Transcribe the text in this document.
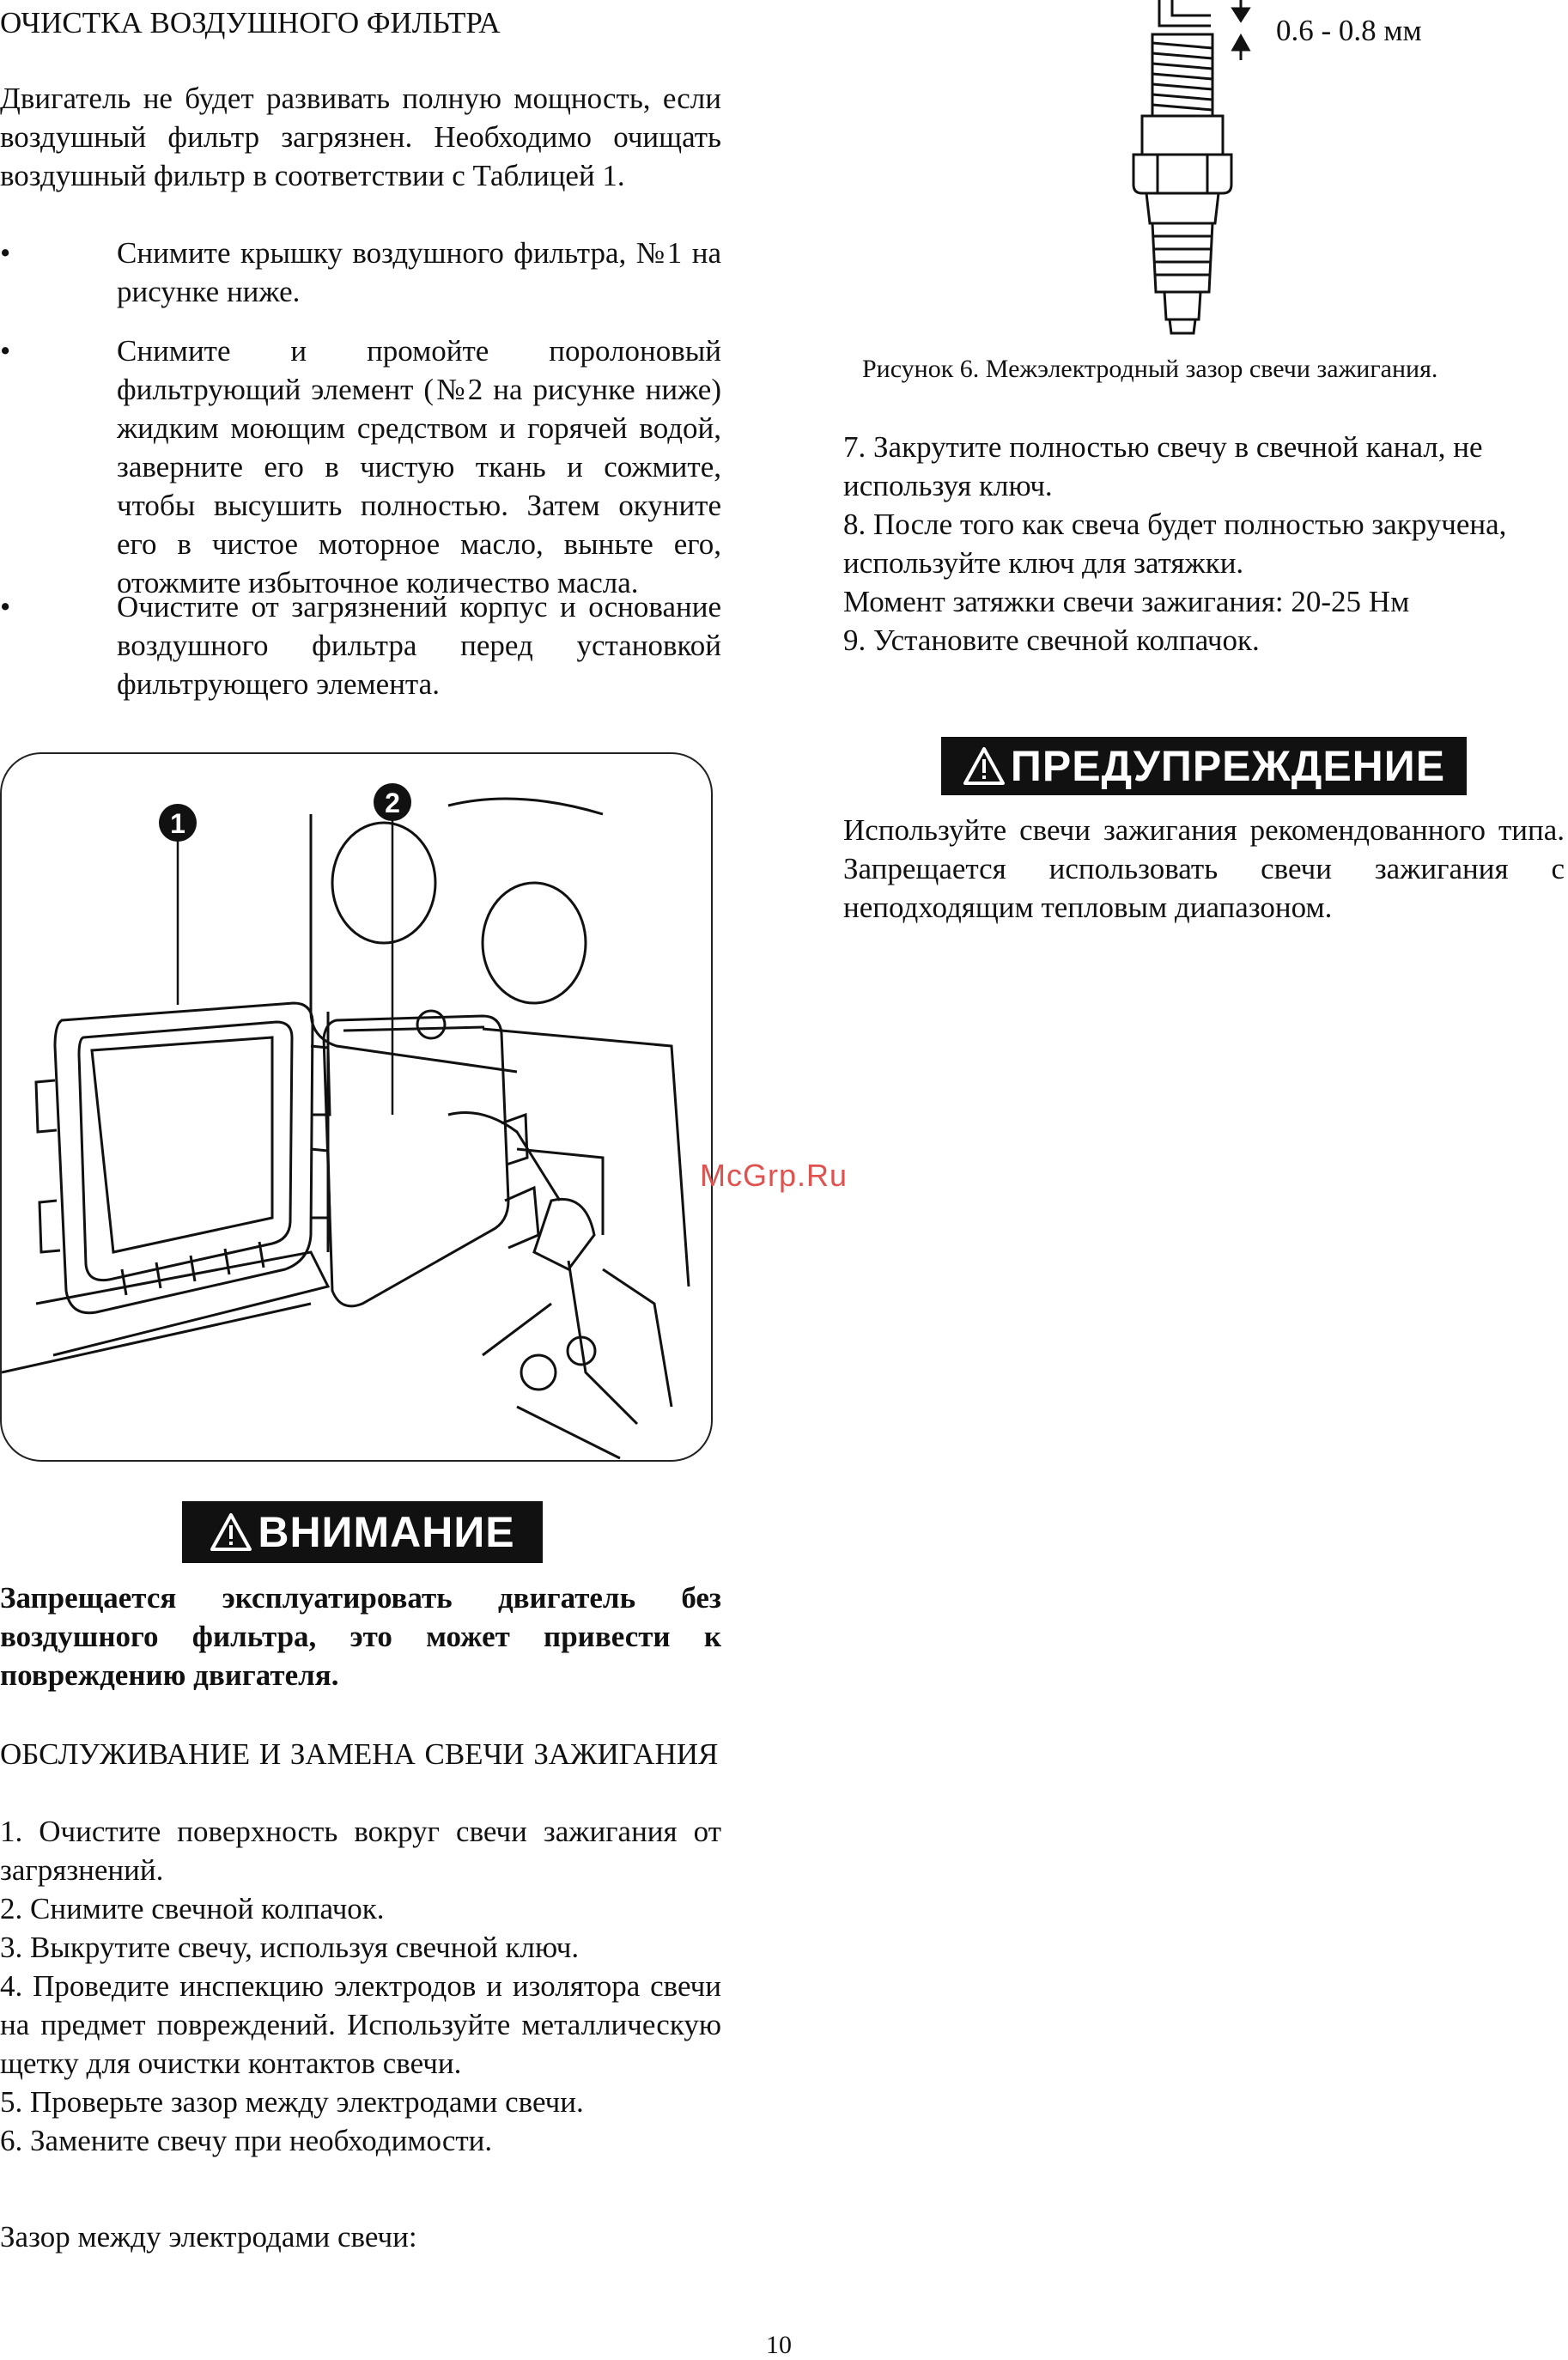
ОЧИСТКА ВОЗДУШНОГО ФИЛЬТРА

Двигатель не будет развивать полную мощность, если воздушный фильтр загрязнен. Необходимо очищать воздушный фильтр в соответствии с Таблицей 1.

•	Снимите крышку воздушного фильтра, №1 на рисунке ниже.
•	Снимите и промойте поролоновый фильтрующий элемент (№2 на рисунке ниже) жидким моющим средством и горячей водой, заверните его в чистую ткань и сожмите, чтобы высушить полностью. Затем окуните его в чистое моторное масло, выньте его, отожмите избыточное количество масла.
•	Очистите от загрязнений корпус и основание воздушного фильтра перед установкой фильтрующего элемента.
1
2
ВНИМАНИЕ

Запрещается эксплуатировать двигатель без воздушного фильтра, это может привести к повреждению двигателя.

ОБСЛУЖИВАНИЕ И ЗАМЕНА СВЕЧИ ЗАЖИГАНИЯ

1. Очистите поверхность вокруг свечи зажигания от загрязнений.

2. Снимите свечной колпачок.

3. Выкрутите свечу, используя свечной ключ.

4. Проведите инспекцию электродов и изолятора свечи на предмет повреждений. Используйте металлическую щетку для очистки контактов свечи.

5. Проверьте зазор между электродами свечи.

6. Замените свечу при необходимости.

Зазор между электродами свечи:

McGrp.Ru
0.6 - 0.8 мм
Рисунок 6. Межэлектродный зазор свечи зажигания.

7. Закрутите полностью свечу в свечной канал, не используя ключ.

8. После того как свеча будет полностью закручена, используйте ключ для затяжки.

Момент затяжки свечи зажигания: 20-25 Нм

9. Установите свечной колпачок.

ПРЕДУПРЕЖДЕНИЕ

Используйте свечи зажигания рекомендованного типа. Запрещается использовать свечи зажигания с неподходящим тепловым диапазоном.

10
